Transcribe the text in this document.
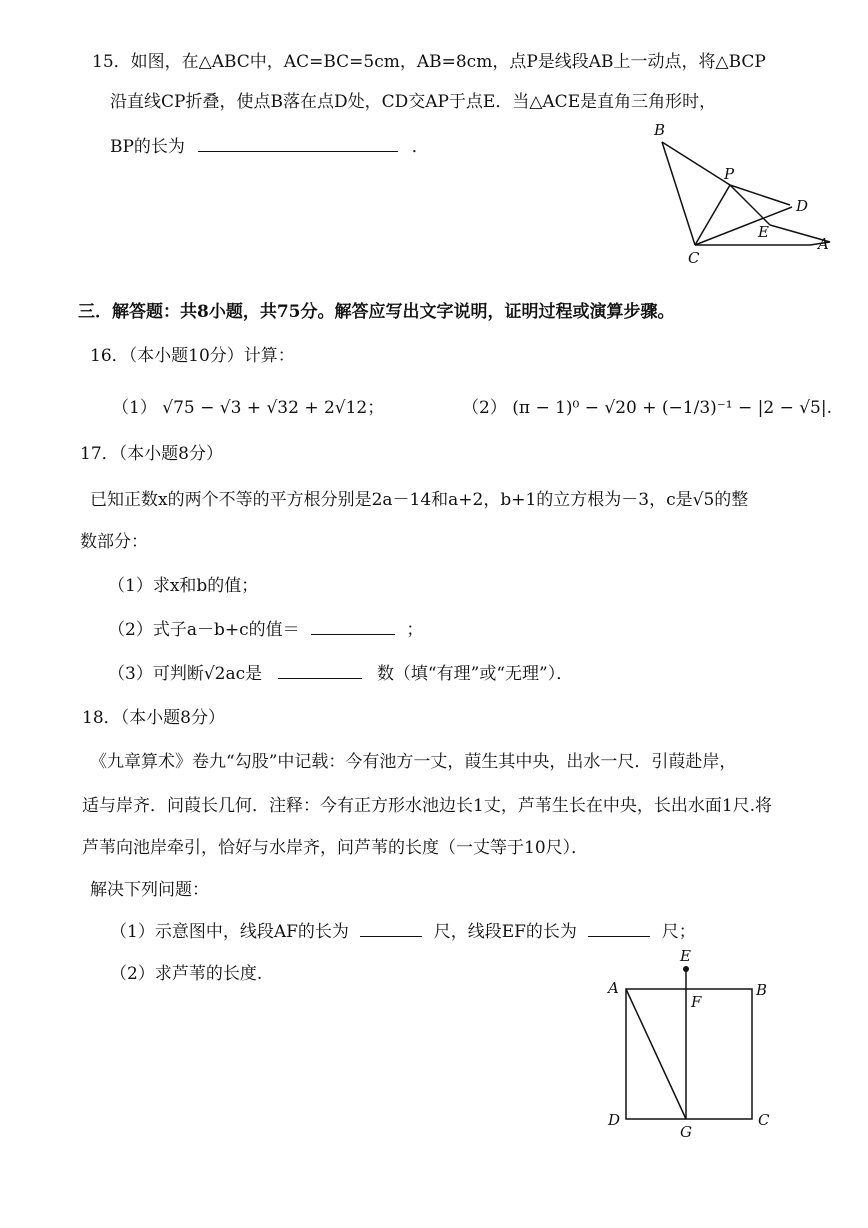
15．如图，在△ABC中，AC=BC=5cm，AB=8cm，点P是线段AB上一动点，将△BCP
沿直线CP折叠，使点B落在点D处，CD交AP于点E．当△ACE是直角三角形时，
BP的长为	．
B
P
D
E
C
A
三．解答题：共8小题，共75分。解答应写出文字说明，证明过程或演算步骤。
16．（本小题10分）计算：
（1） √75 − √3 + √32 + 2√12；	（2） (π − 1)⁰ − √20 + (−1/3)⁻¹ − |2 − √5|.
17．（本小题8分）
已知正数x的两个不等的平方根分别是2a－14和a+2，b+1的立方根为－3，c是√5的整
数部分：
（1）求x和b的值；
（2）式子a－b+c的值＝	；
（3）可判断√2ac是	数（填“有理”或“无理”）．
18．（本小题8分）
《九章算术》卷九“勾股”中记载：今有池方一丈，葭生其中央，出水一尺．引葭赴岸，
适与岸齐．问葭长几何．注释：今有正方形水池边长1丈，芦苇生长在中央，长出水面1尺.将
芦苇向池岸牵引，恰好与水岸齐，问芦苇的长度（一丈等于10尺）．
解决下列问题：
（1）示意图中，线段AF的长为	尺，线段EF的长为	尺；
（2）求芦苇的长度.
E
A	B
F
D
G
C
